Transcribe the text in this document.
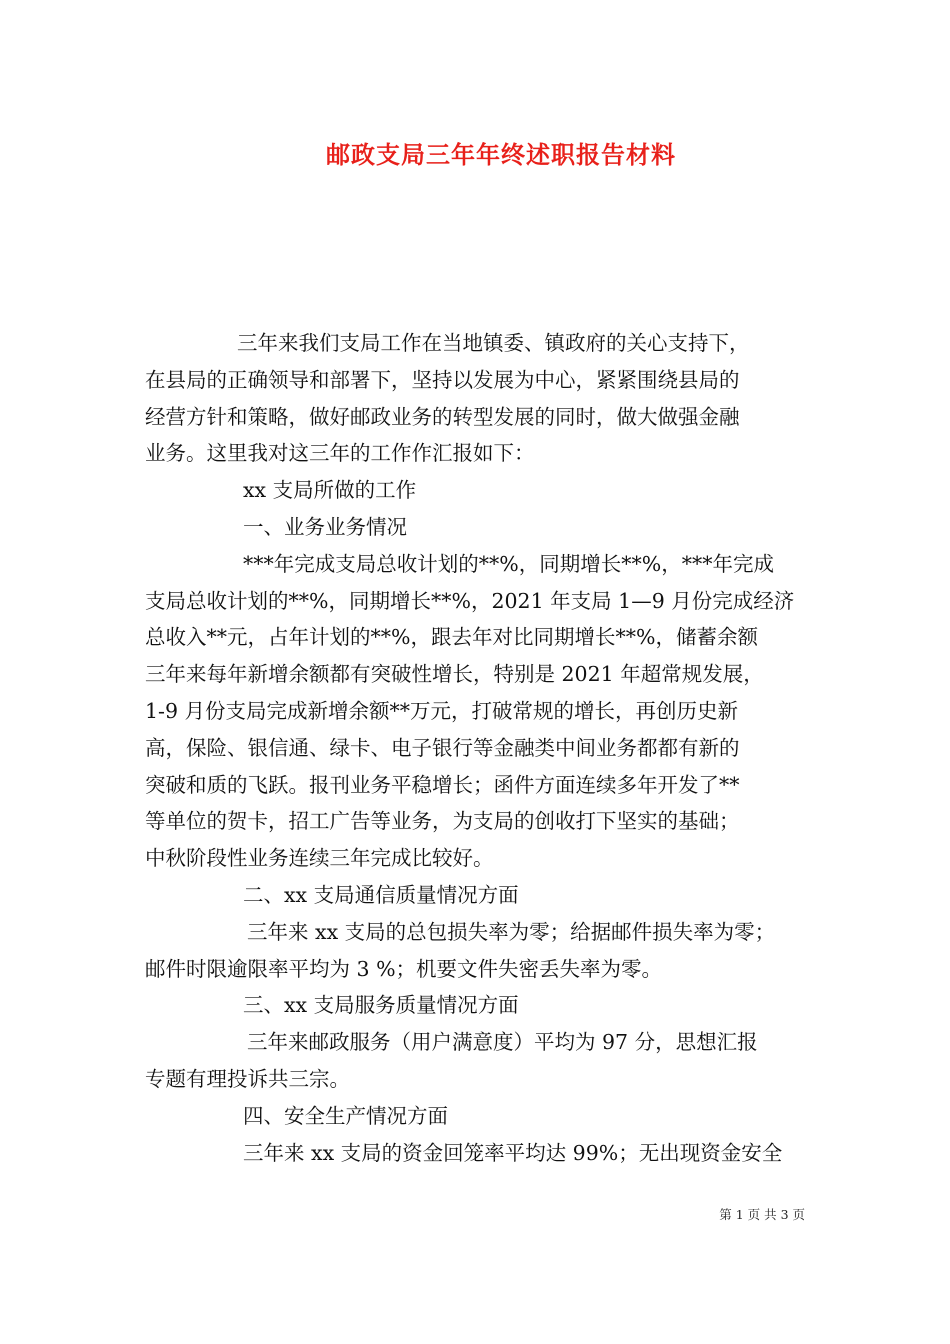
邮政支局三年年终述职报告材料
三年来我们支局工作在当地镇委、镇政府的关心支持下，
在县局的正确领导和部署下，坚持以发展为中心，紧紧围绕县局的
经营方针和策略，做好邮政业务的转型发展的同时，做大做强金融
业务。这里我对这三年的工作作汇报如下：
xx 支局所做的工作
一、业务业务情况
***年完成支局总收计划的**%，同期增长**%，***年完成
支局总收计划的**%，同期增长**%，2021 年支局 1—9 月份完成经济
总收入**元，占年计划的**%，跟去年对比同期增长**%，储蓄余额
三年来每年新增余额都有突破性增长，特别是 2021 年超常规发展，
1-9 月份支局完成新增余额**万元，打破常规的增长，再创历史新
高，保险、银信通、绿卡、电子银行等金融类中间业务都都有新的
突破和质的飞跃。报刊业务平稳增长；函件方面连续多年开发了**
等单位的贺卡，招工广告等业务，为支局的创收打下坚实的基础；
中秋阶段性业务连续三年完成比较好。
二、xx 支局通信质量情况方面
三年来 xx 支局的总包损失率为零；给据邮件损失率为零；
邮件时限逾限率平均为 3 %；机要文件失密丢失率为零。
三、xx 支局服务质量情况方面
三年来邮政服务（用户满意度）平均为 97 分，思想汇报
专题有理投诉共三宗。
四、安全生产情况方面
三年来 xx 支局的资金回笼率平均达 99%；无出现资金安全
第 1 页 共 3 页
